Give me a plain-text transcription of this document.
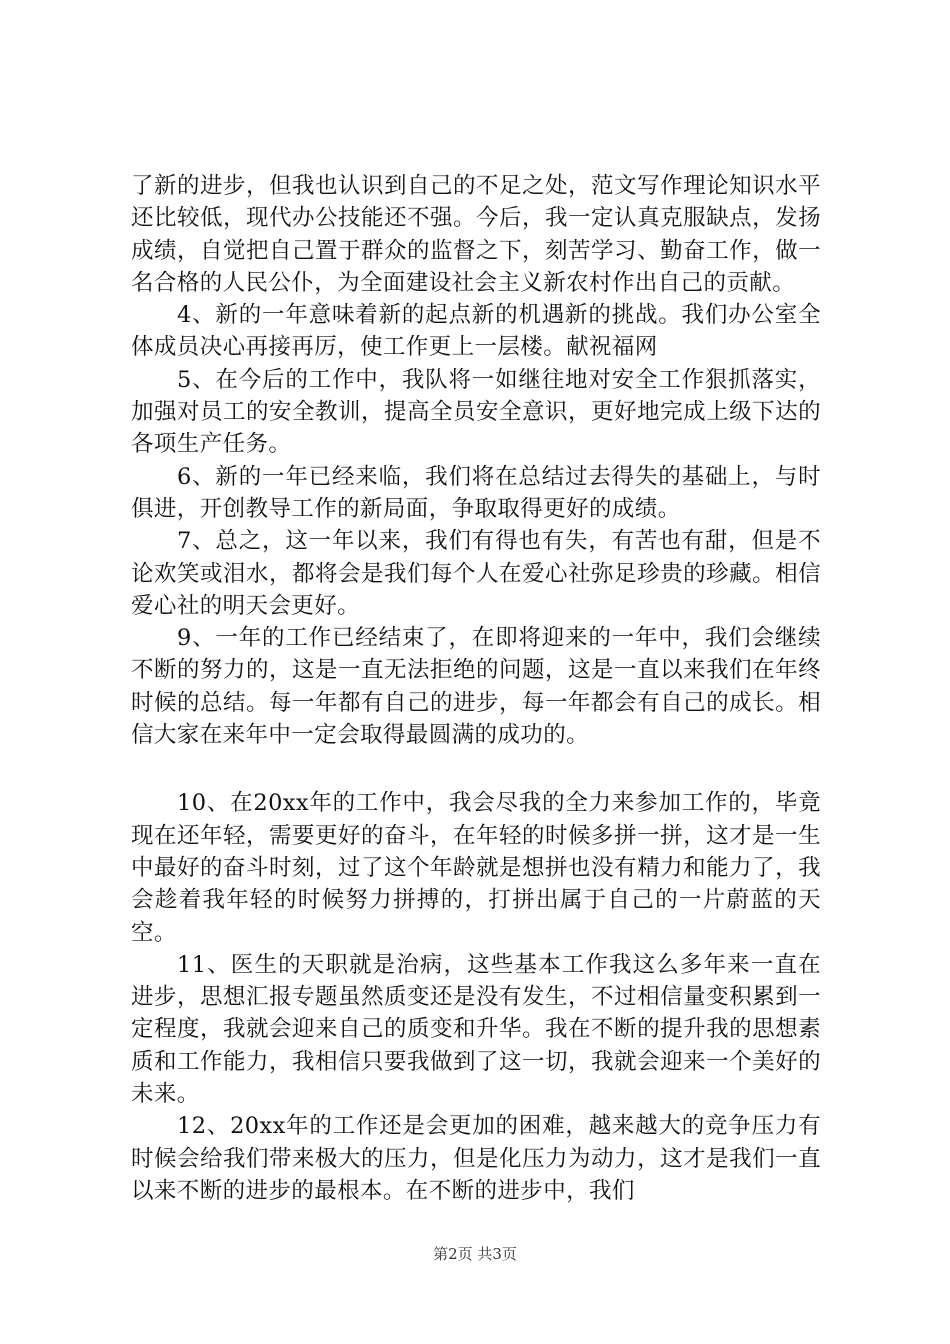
了新的进步，但我也认识到自己的不足之处，范文写作理论知识水平还比较低，现代办公技能还不强。今后，我一定认真克服缺点，发扬成绩，自觉把自己置于群众的监督之下，刻苦学习、勤奋工作，做一名合格的人民公仆，为全面建设社会主义新农村作出自己的贡献。

4、新的一年意味着新的起点新的机遇新的挑战。我们办公室全体成员决心再接再厉，使工作更上一层楼。献祝福网

5、在今后的工作中，我队将一如继往地对安全工作狠抓落实，加强对员工的安全教训，提高全员安全意识，更好地完成上级下达的各项生产任务。

6、新的一年已经来临，我们将在总结过去得失的基础上，与时俱进，开创教导工作的新局面，争取取得更好的成绩。

7、总之，这一年以来，我们有得也有失，有苦也有甜，但是不论欢笑或泪水，都将会是我们每个人在爱心社弥足珍贵的珍藏。相信爱心社的明天会更好。

9、一年的工作已经结束了，在即将迎来的一年中，我们会继续不断的努力的，这是一直无法拒绝的问题，这是一直以来我们在年终时候的总结。每一年都有自己的进步，每一年都会有自己的成长。相信大家在来年中一定会取得最圆满的成功的。

10、在20xx年的工作中，我会尽我的全力来参加工作的，毕竟现在还年轻，需要更好的奋斗，在年轻的时候多拼一拼，这才是一生中最好的奋斗时刻，过了这个年龄就是想拼也没有精力和能力了，我会趁着我年轻的时候努力拼搏的，打拼出属于自己的一片蔚蓝的天空。

11、医生的天职就是治病，这些基本工作我这么多年来一直在进步，思想汇报专题虽然质变还是没有发生，不过相信量变积累到一定程度，我就会迎来自己的质变和升华。我在不断的提升我的思想素质和工作能力，我相信只要我做到了这一切，我就会迎来一个美好的未来。

12、20xx年的工作还是会更加的困难，越来越大的竞争压力有时候会给我们带来极大的压力，但是化压力为动力，这才是我们一直以来不断的进步的最根本。在不断的进步中，我们

第2页 共3页
